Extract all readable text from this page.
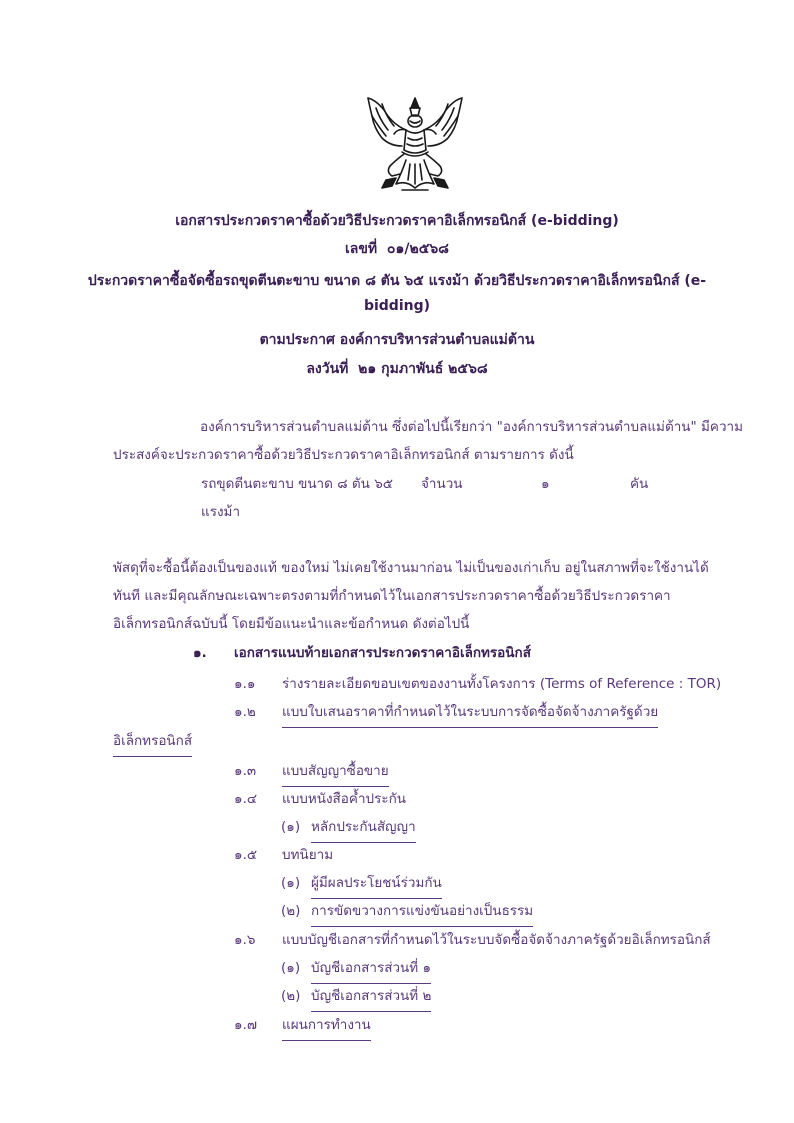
เอกสารประกวดราคาซื้อด้วยวิธีประกวดราคาอิเล็กทรอนิกส์ (e-bidding)
เลขที่ ๐๑/๒๕๖๘
ประกวดราคาซื้อจัดซื้อรถขุดตีนตะขาบ ขนาด ๘ ตัน ๖๕ แรงม้า ด้วยวิธีประกวดราคาอิเล็กทรอนิกส์ (e-
bidding)
ตามประกาศ องค์การบริหารส่วนตำบลแม่ต้าน
ลงวันที่ ๒๑ กุมภาพันธ์ ๒๕๖๘
องค์การบริหารส่วนตำบลแม่ต้าน ซึ่งต่อไปนี้เรียกว่า "องค์การบริหารส่วนตำบลแม่ต้าน" มีความ
ประสงค์จะประกวดราคาซื้อด้วยวิธีประกวดราคาอิเล็กทรอนิกส์ ตามรายการ ดังนี้
รถขุดตีนตะขาบ ขนาด ๘ ตัน ๖๕
แรงม้า
จำนวน	๑	คัน
พัสดุที่จะซื้อนี้ต้องเป็นของแท้ ของใหม่ ไม่เคยใช้งานมาก่อน ไม่เป็นของเก่าเก็บ อยู่ในสภาพที่จะใช้งานได้
ทันที และมีคุณลักษณะเฉพาะตรงตามที่กำหนดไว้ในเอกสารประกวดราคาซื้อด้วยวิธีประกวดราคา
อิเล็กทรอนิกส์ฉบับนี้ โดยมีข้อแนะนำและข้อกำหนด ดังต่อไปนี้
๑. เอกสารแนบท้ายเอกสารประกวดราคาอิเล็กทรอนิกส์
๑.๑ ร่างรายละเอียดขอบเขตของงานทั้งโครงการ (Terms of Reference : TOR)
๑.๒ แบบใบเสนอราคาที่กำหนดไว้ในระบบการจัดซื้อจัดจ้างภาครัฐด้วย
อิเล็กทรอนิกส์
๑.๓ แบบสัญญาซื้อขาย
๑.๔ แบบหนังสือค้ำประกัน
(๑) หลักประกันสัญญา
๑.๕ บทนิยาม
(๑) ผู้มีผลประโยชน์ร่วมกัน
(๒) การขัดขวางการแข่งขันอย่างเป็นธรรม
๑.๖ แบบบัญชีเอกสารที่กำหนดไว้ในระบบจัดซื้อจัดจ้างภาครัฐด้วยอิเล็กทรอนิกส์
(๑) บัญชีเอกสารส่วนที่ ๑
(๒) บัญชีเอกสารส่วนที่ ๒
๑.๗ แผนการทำงาน
